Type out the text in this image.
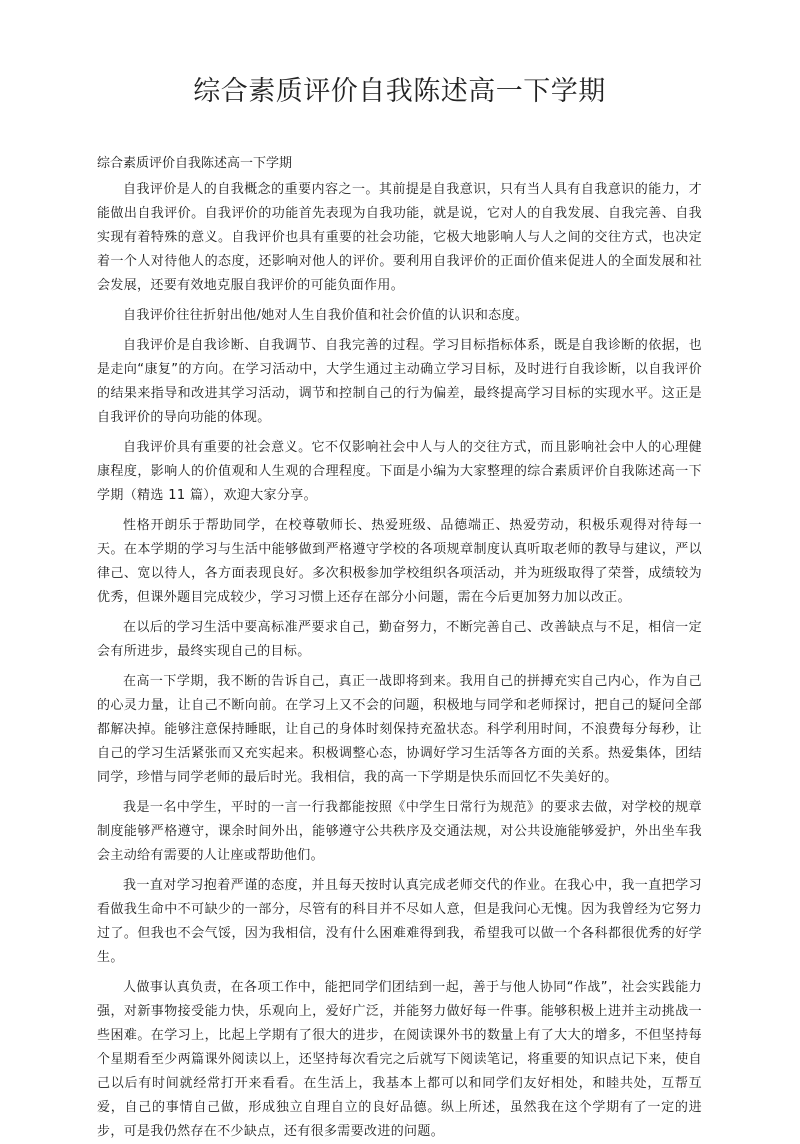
综合素质评价自我陈述高一下学期
综合素质评价自我陈述高一下学期

自我评价是人的自我概念的重要内容之一。其前提是自我意识，只有当人具有自我意识的能力，才能做出自我评价。自我评价的功能首先表现为自我功能，就是说，它对人的自我发展、自我完善、自我实现有着特殊的意义。自我评价也具有重要的社会功能，它极大地影响人与人之间的交往方式，也决定着一个人对待他人的态度，还影响对他人的评价。要利用自我评价的正面价值来促进人的全面发展和社会发展，还要有效地克服自我评价的可能负面作用。

自我评价往往折射出他/她对人生自我价值和社会价值的认识和态度。

自我评价是自我诊断、自我调节、自我完善的过程。学习目标指标体系，既是自我诊断的依据，也是走向“康复”的方向。在学习活动中，大学生通过主动确立学习目标，及时进行自我诊断，以自我评价的结果来指导和改进其学习活动，调节和控制自己的行为偏差，最终提高学习目标的实现水平。这正是自我评价的导向功能的体现。

自我评价具有重要的社会意义。它不仅影响社会中人与人的交往方式，而且影响社会中人的心理健康程度，影响人的价值观和人生观的合理程度。下面是小编为大家整理的综合素质评价自我陈述高一下学期（精选 11 篇），欢迎大家分享。

性格开朗乐于帮助同学，在校尊敬师长、热爱班级、品德端正、热爱劳动，积极乐观得对待每一天。在本学期的学习与生活中能够做到严格遵守学校的各项规章制度认真听取老师的教导与建议，严以律己、宽以待人，各方面表现良好。多次积极参加学校组织各项活动，并为班级取得了荣誉，成绩较为优秀，但课外题目完成较少，学习习惯上还存在部分小问题，需在今后更加努力加以改正。

在以后的学习生活中要高标准严要求自己，勤奋努力，不断完善自己、改善缺点与不足，相信一定会有所进步，最终实现自己的目标。

在高一下学期，我不断的告诉自己，真正一战即将到来。我用自己的拼搏充实自己内心，作为自己的心灵力量，让自己不断向前。在学习上又不会的问题，积极地与同学和老师探讨，把自己的疑问全部都解决掉。能够注意保持睡眠，让自己的身体时刻保持充盈状态。科学利用时间，不浪费每分每秒，让自己的学习生活紧张而又充实起来。积极调整心态，协调好学习生活等各方面的关系。热爱集体，团结同学，珍惜与同学老师的最后时光。我相信，我的高一下学期是快乐而回忆不失美好的。

我是一名中学生，平时的一言一行我都能按照《中学生日常行为规范》的要求去做，对学校的规章制度能够严格遵守，课余时间外出，能够遵守公共秩序及交通法规，对公共设施能够爱护，外出坐车我会主动给有需要的人让座或帮助他们。

我一直对学习抱着严谨的态度，并且每天按时认真完成老师交代的作业。在我心中，我一直把学习看做我生命中不可缺少的一部分，尽管有的科目并不尽如人意，但是我问心无愧。因为我曾经为它努力过了。但我也不会气馁，因为我相信，没有什么困难难得到我，希望我可以做一个各科都很优秀的好学生。

人做事认真负责，在各项工作中，能把同学们团结到一起，善于与他人协同“作战”，社会实践能力强，对新事物接受能力快，乐观向上，爱好广泛，并能努力做好每一件事。能够积极上进并主动挑战一些困难。在学习上，比起上学期有了很大的进步，在阅读课外书的数量上有了大大的增多，不但坚持每个星期看至少两篇课外阅读以上，还坚持每次看完之后就写下阅读笔记，将重要的知识点记下来，使自己以后有时间就经常打开来看看。在生活上，我基本上都可以和同学们友好相处，和睦共处，互帮互爱，自己的事情自己做，形成独立自理自立的良好品德。纵上所述，虽然我在这个学期有了一定的进步，可是我仍然存在不少缺点，还有很多需要改进的问题。
